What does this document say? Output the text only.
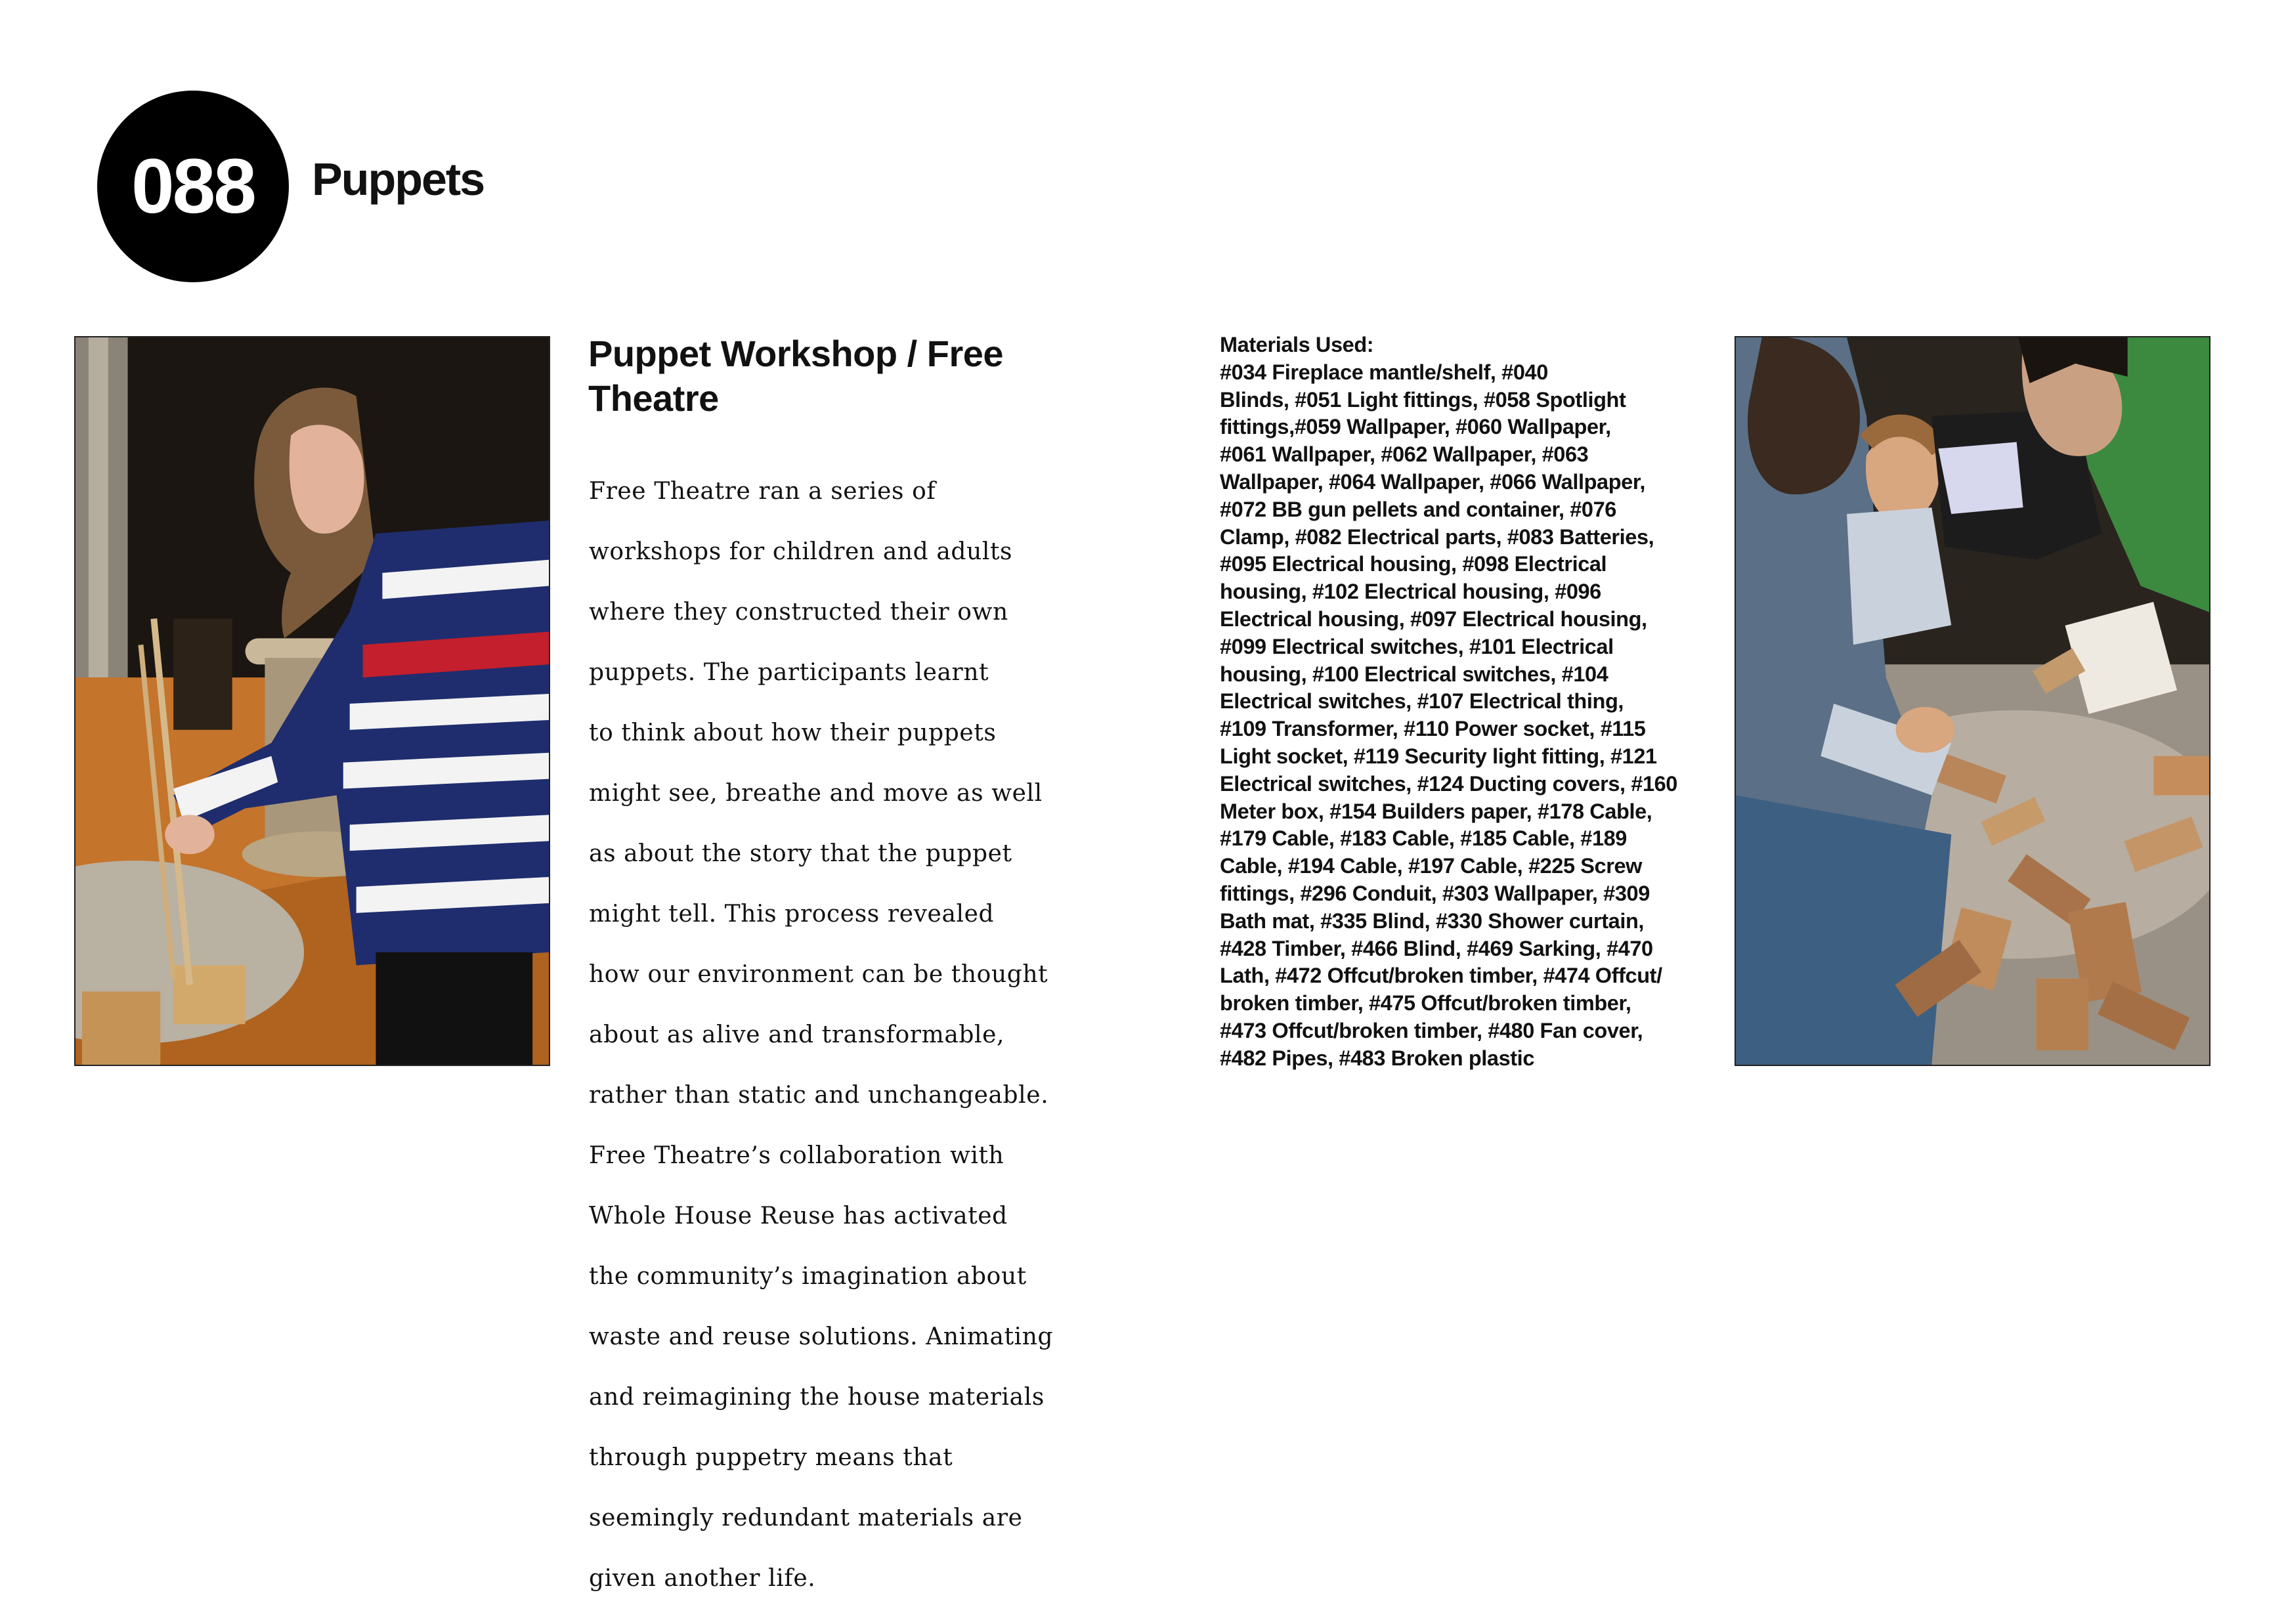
088 Puppets
Puppet Workshop / Free
Theatre

Free Theatre ran a series of

workshops for children and adults

where they constructed their own

puppets. The participants learnt

to think about how their puppets

might see, breathe and move as well

as about the story that the puppet

might tell. This process revealed

how our environment can be thought

about as alive and transformable,

rather than static and unchangeable.

Free Theatre’s collaboration with

Whole House Reuse has activated

the community’s imagination about

waste and reuse solutions. Animating

and reimagining the house materials

through puppetry means that

seemingly redundant materials are

given another life.

Materials Used:
#034 Fireplace mantle/shelf, #040
Blinds, #051 Light fittings, #058 Spotlight
fittings,#059 Wallpaper, #060 Wallpaper,
#061 Wallpaper, #062 Wallpaper, #063
Wallpaper, #064 Wallpaper, #066 Wallpaper,
#072 BB gun pellets and container, #076
Clamp, #082 Electrical parts, #083 Batteries,
#095 Electrical housing, #098 Electrical
housing, #102 Electrical housing, #096
Electrical housing, #097 Electrical housing,
#099 Electrical switches, #101 Electrical
housing, #100 Electrical switches, #104
Electrical switches, #107 Electrical thing,
#109 Transformer, #110 Power socket, #115
Light socket, #119 Security light fitting, #121
Electrical switches, #124 Ducting covers, #160
Meter box, #154 Builders paper, #178 Cable,
#179 Cable, #183 Cable, #185 Cable, #189
Cable, #194 Cable, #197 Cable, #225 Screw
fittings, #296 Conduit, #303 Wallpaper, #309
Bath mat, #335 Blind, #330 Shower curtain,
#428 Timber, #466 Blind, #469 Sarking, #470
Lath, #472 Offcut/broken timber, #474 Offcut/
broken timber, #475 Offcut/broken timber,
#473 Offcut/broken timber, #480 Fan cover,
#482 Pipes, #483 Broken plastic
